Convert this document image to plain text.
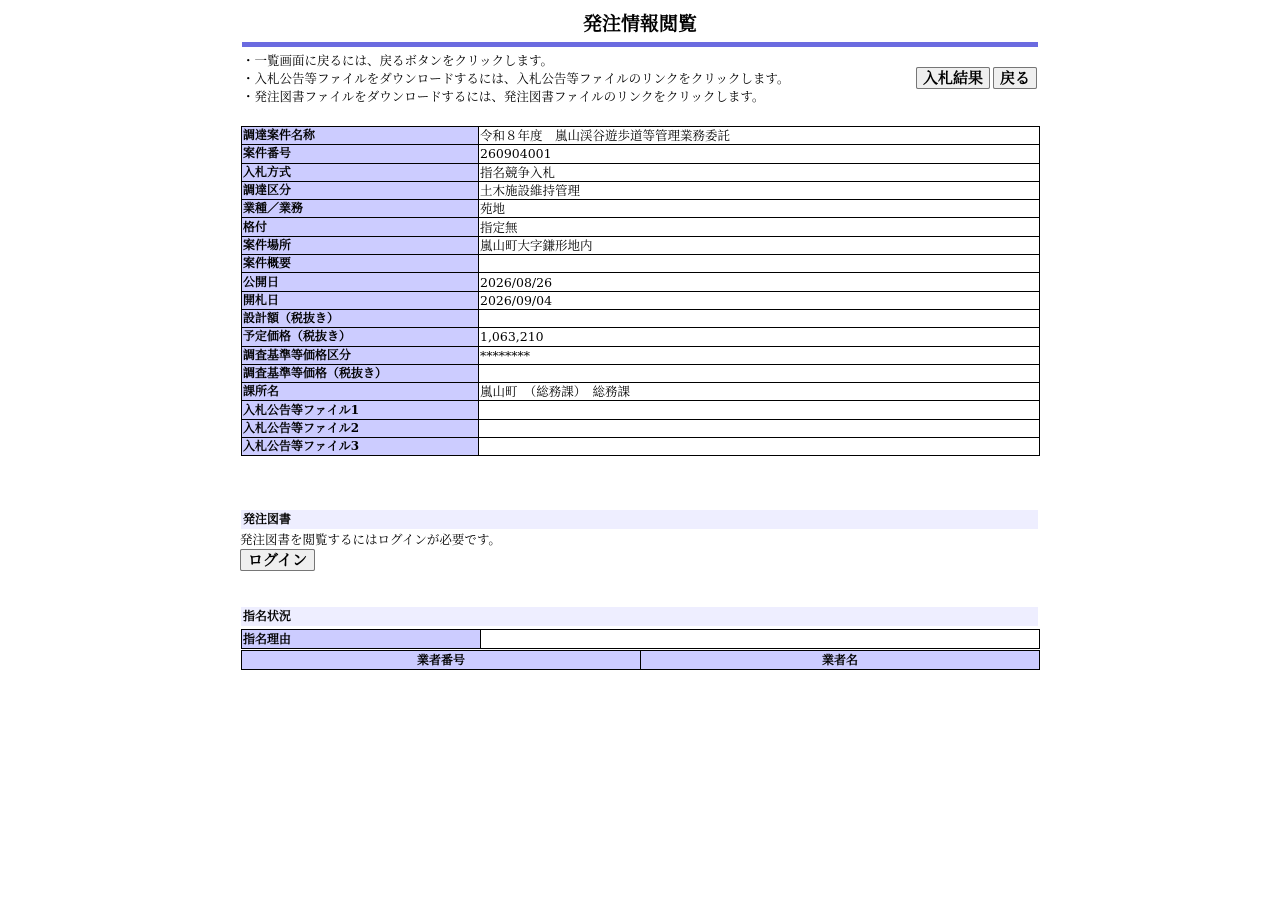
発注情報閲覧
・一覧画面に戻るには、戻るボタンをクリックします。
・入札公告等ファイルをダウンロードするには、入札公告等ファイルのリンクをクリックします。
・発注図書ファイルをダウンロードするには、発注図書ファイルのリンクをクリックします。
入札結果	戻る
調達案件名称	令和８年度　嵐山渓谷遊歩道等管理業務委託
案件番号	260904001
入札方式	指名競争入札
調達区分	土木施設維持管理
業種／業務	苑地
格付	指定無
案件場所	嵐山町大字鎌形地内
案件概要	
公開日	2026/08/26
開札日	2026/09/04
設計額（税抜き）	
予定価格（税抜き）	1,063,210
調査基準等価格区分	********
調査基準等価格（税抜き）	
課所名	嵐山町　（総務課）　総務課
入札公告等ファイル1	
入札公告等ファイル2	
入札公告等ファイル3	
発注図書
発注図書を閲覧するにはログインが必要です。
ログイン
指名状況
指名理由	
業者番号	業者名
